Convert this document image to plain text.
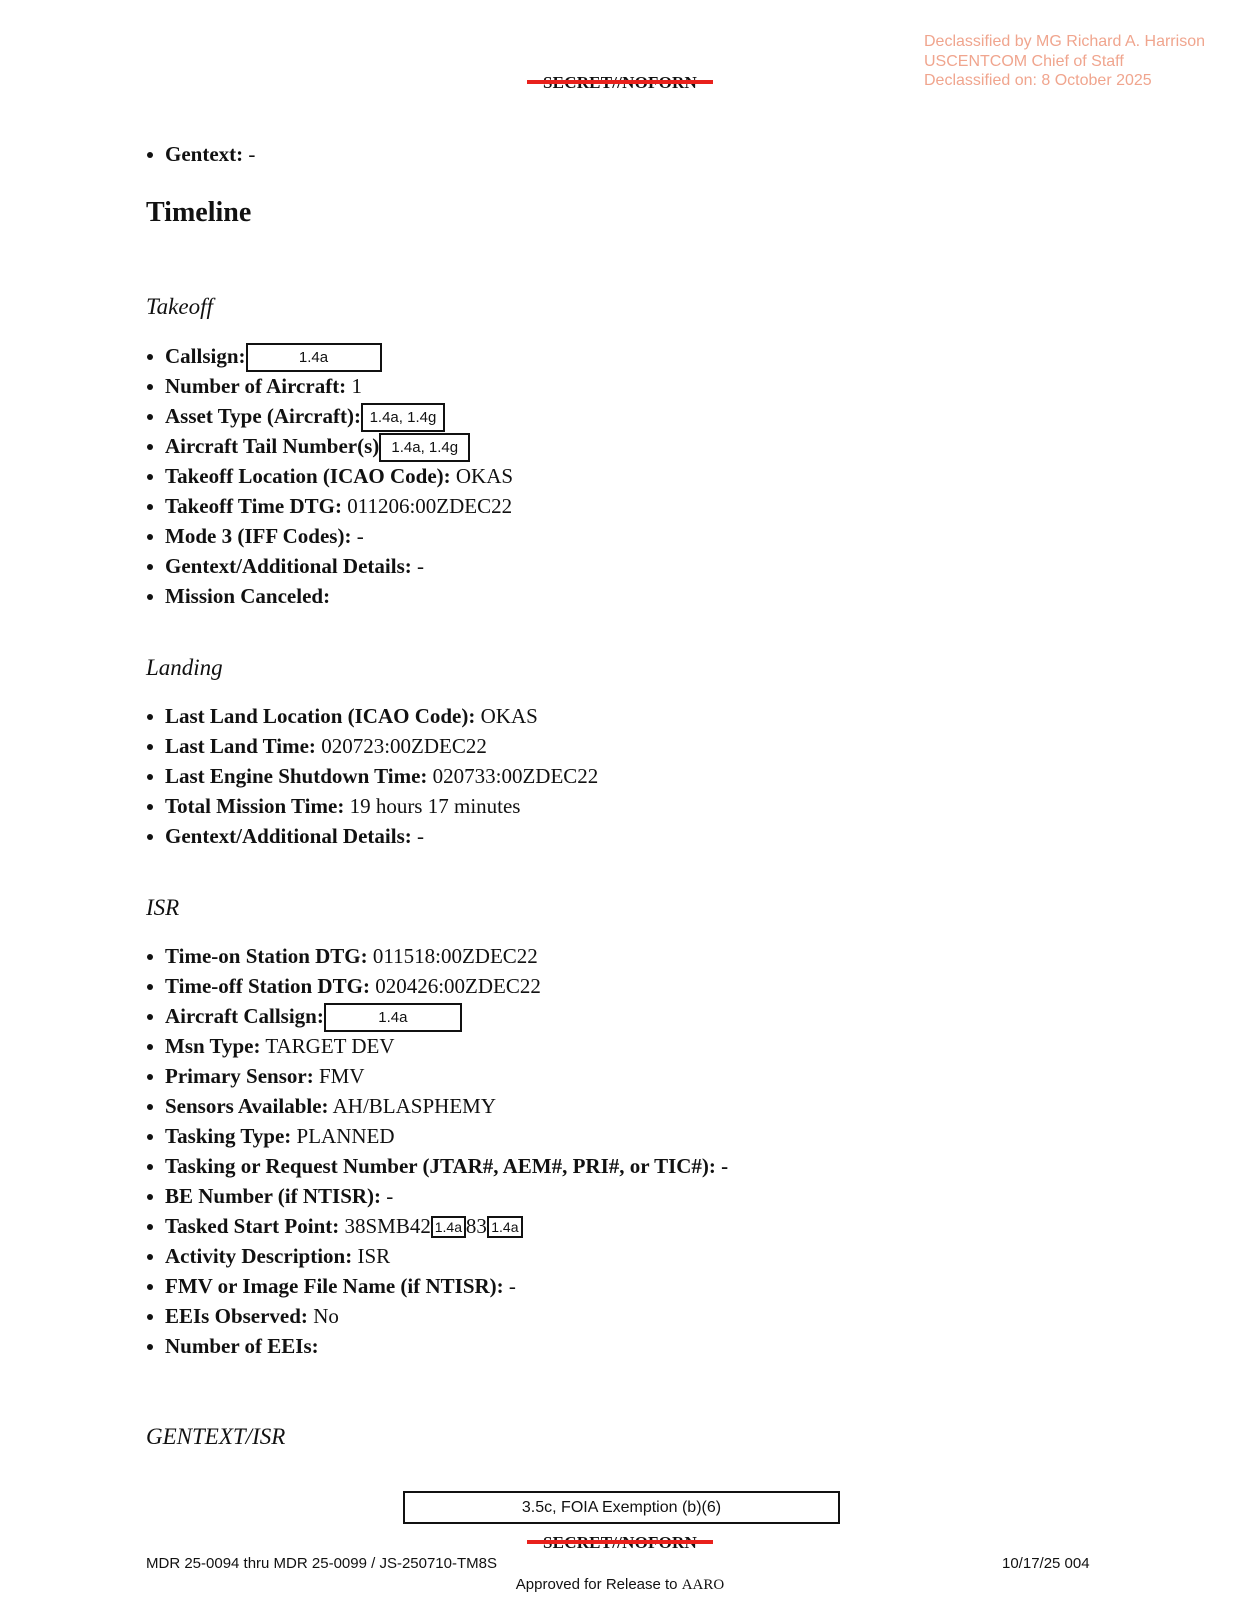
Declassified by MG Richard A. Harrison
USCENTCOM Chief of Staff
Declassified on: 8 October 2025
Gentext: -
Timeline
Takeoff
Callsign:	1.4a
Number of Aircraft: 1
Asset Type (Aircraft): 1.4a, 1.4g
Aircraft Tail Number(s) 1.4a, 1.4g
Takeoff Location (ICAO Code): OKAS
Takeoff Time DTG: 011206:00ZDEC22
Mode 3 (IFF Codes): -
Gentext/Additional Details: -
Mission Canceled:
Landing
Last Land Location (ICAO Code): OKAS
Last Land Time: 020723:00ZDEC22
Last Engine Shutdown Time: 020733:00ZDEC22
Total Mission Time: 19 hours 17 minutes
Gentext/Additional Details: -
ISR
Time-on Station DTG: 011518:00ZDEC22
Time-off Station DTG: 020426:00ZDEC22
Aircraft Callsign:	1.4a
Msn Type: TARGET DEV
Primary Sensor: FMV
Sensors Available: AH/BLASPHEMY
Tasking Type: PLANNED
Tasking or Request Number (JTAR#, AEM#, PRI#, or TIC#): -
BE Number (if NTISR): -
Tasked Start Point: 38SMB42 1.4a 83 1.4a
Activity Description: ISR
FMV or Image File Name (if NTISR): -
EEIs Observed: No
Number of EEIs:
GENTEXT/ISR
3.5c, FOIA Exemption (b)(6)
MDR 25-0094 thru MDR 25-0099 / JS-250710-TM8S	10/17/25 004
Approved for Release to AARO
